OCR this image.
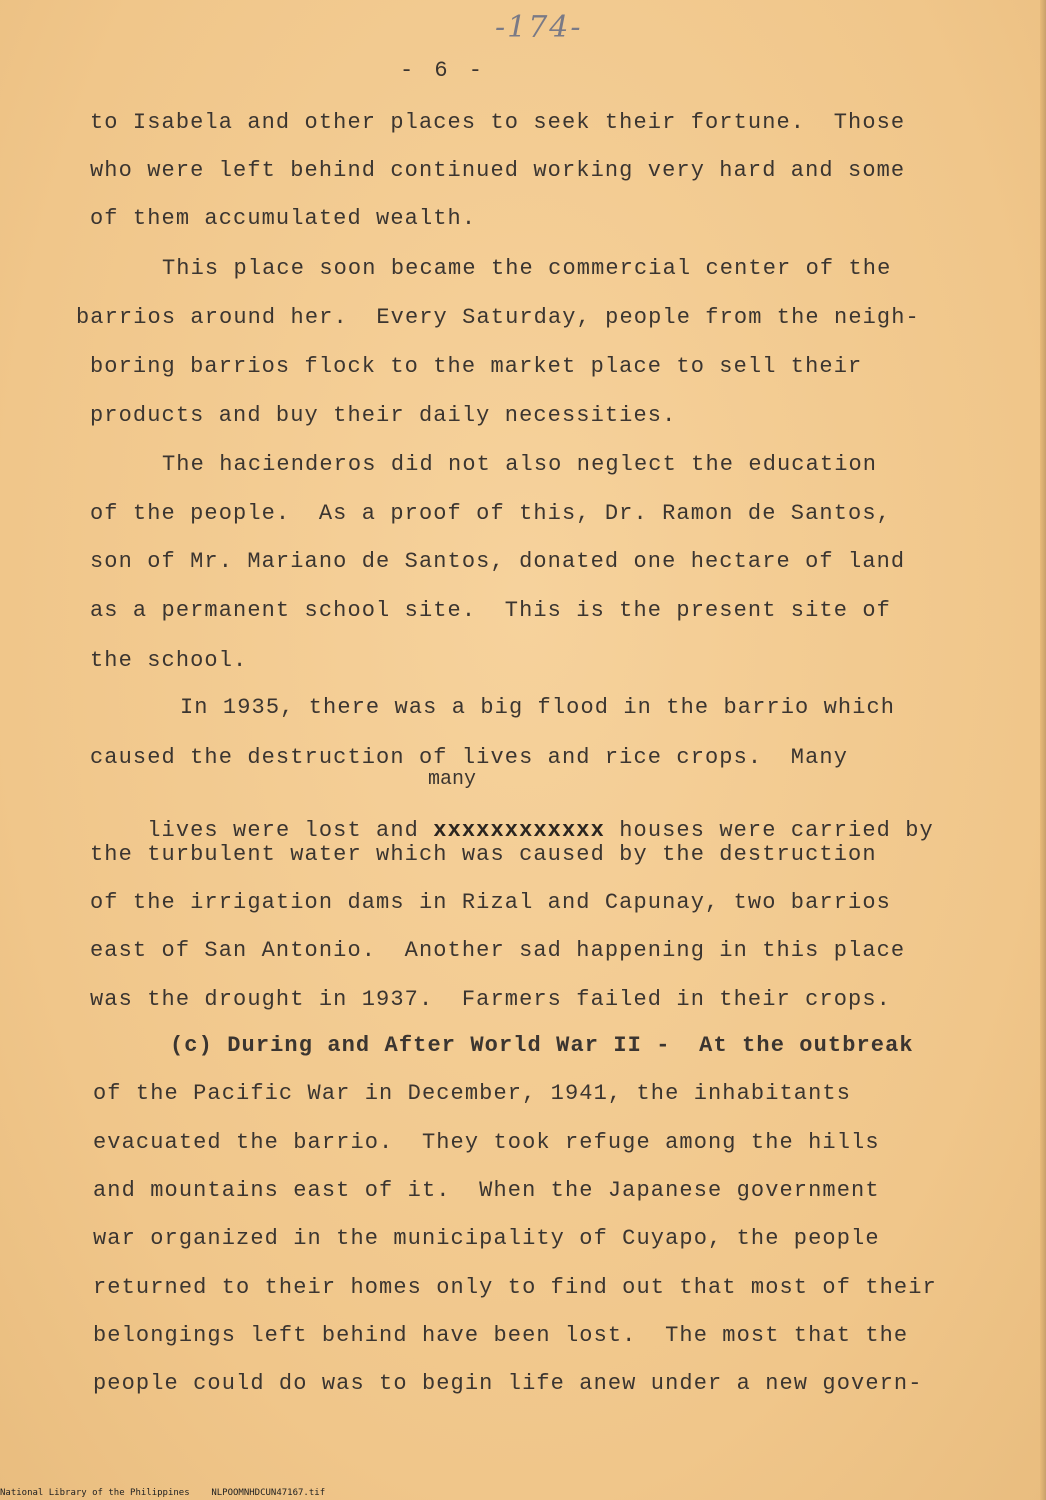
-174-
- 6 -
to Isabela and other places to seek their fortune.  Those
who were left behind continued working very hard and some
of them accumulated wealth.
This place soon became the commercial center of the
barrios around her.  Every Saturday, people from the neigh-
boring barrios flock to the market place to sell their
products and buy their daily necessities.
The hacienderos did not also neglect the education
of the people.  As a proof of this, Dr. Ramon de Santos,
son of Mr. Mariano de Santos, donated one hectare of land
as a permanent school site.  This is the present site of
the school.
In 1935, there was a big flood in the barrio which
caused the destruction of lives and rice crops.  Many
many

lives were lost and xxxxxxxxxxxx houses were carried by

the turbulent water which was caused by the destruction
of the irrigation dams in Rizal and Capunay, two barrios
east of San Antonio.  Another sad happening in this place
was the drought in 1937.  Farmers failed in their crops.
(c) During and After World War II -  At the outbreak
of the Pacific War in December, 1941, the inhabitants
evacuated the barrio.  They took refuge among the hills
and mountains east of it.  When the Japanese government
war organized in the municipality of Cuyapo, the people
returned to their homes only to find out that most of their
belongings left behind have been lost.  The most that the
people could do was to begin life anew under a new govern-
National Library of the Philippines    NLPOOMNHDCUN47167.tif
